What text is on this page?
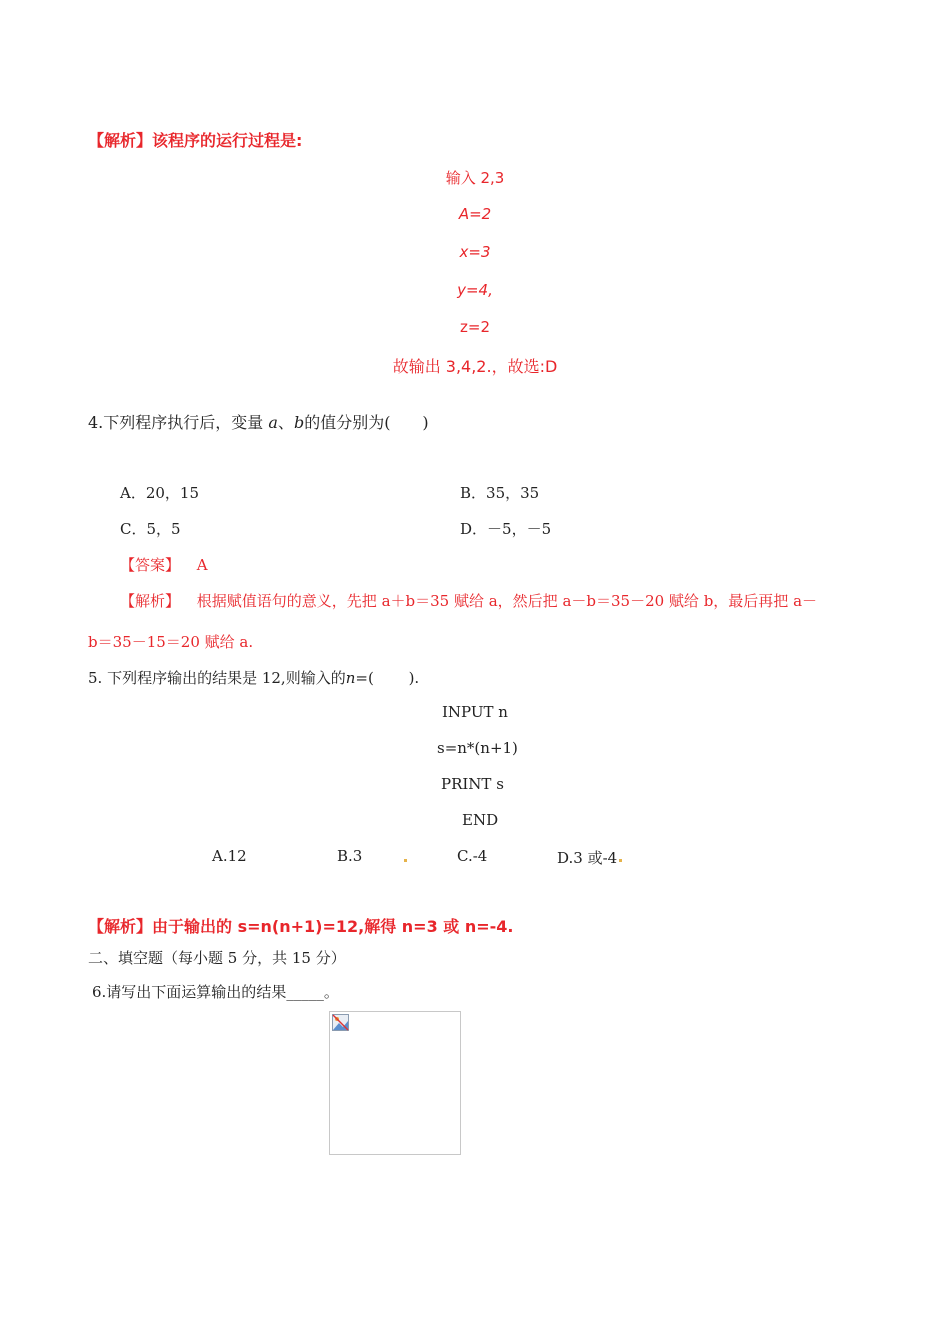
【解析】该程序的运行过程是:
输入 2,3
A=2
x=3
y=4,
z=2
故输出 3,4,2.，故选:D
4.下列程序执行后，变量 a、b的值分别为(　　)
A．20，15	B．35，35
C．5，5	D．－5，－5
【答案】 A
【解析】 根据赋值语句的意义，先把 a＋b＝35 赋给 a，然后把 a－b＝35－20 赋给 b，最后再把 a－
b＝35－15＝20 赋给 a.
5. 下列程序输出的结果是 12,则输入的n=(　　 ).
INPUT n
s=n*(n+1)
PRINT s
END
A.12	B.3	C.-4	D.3 或-4
【解析】由于输出的 s=n(n+1)=12,解得 n=3 或 n=-4.
二、填空题（每小题 5 分，共 15 分）
6.请写出下面运算输出的结果_____。
